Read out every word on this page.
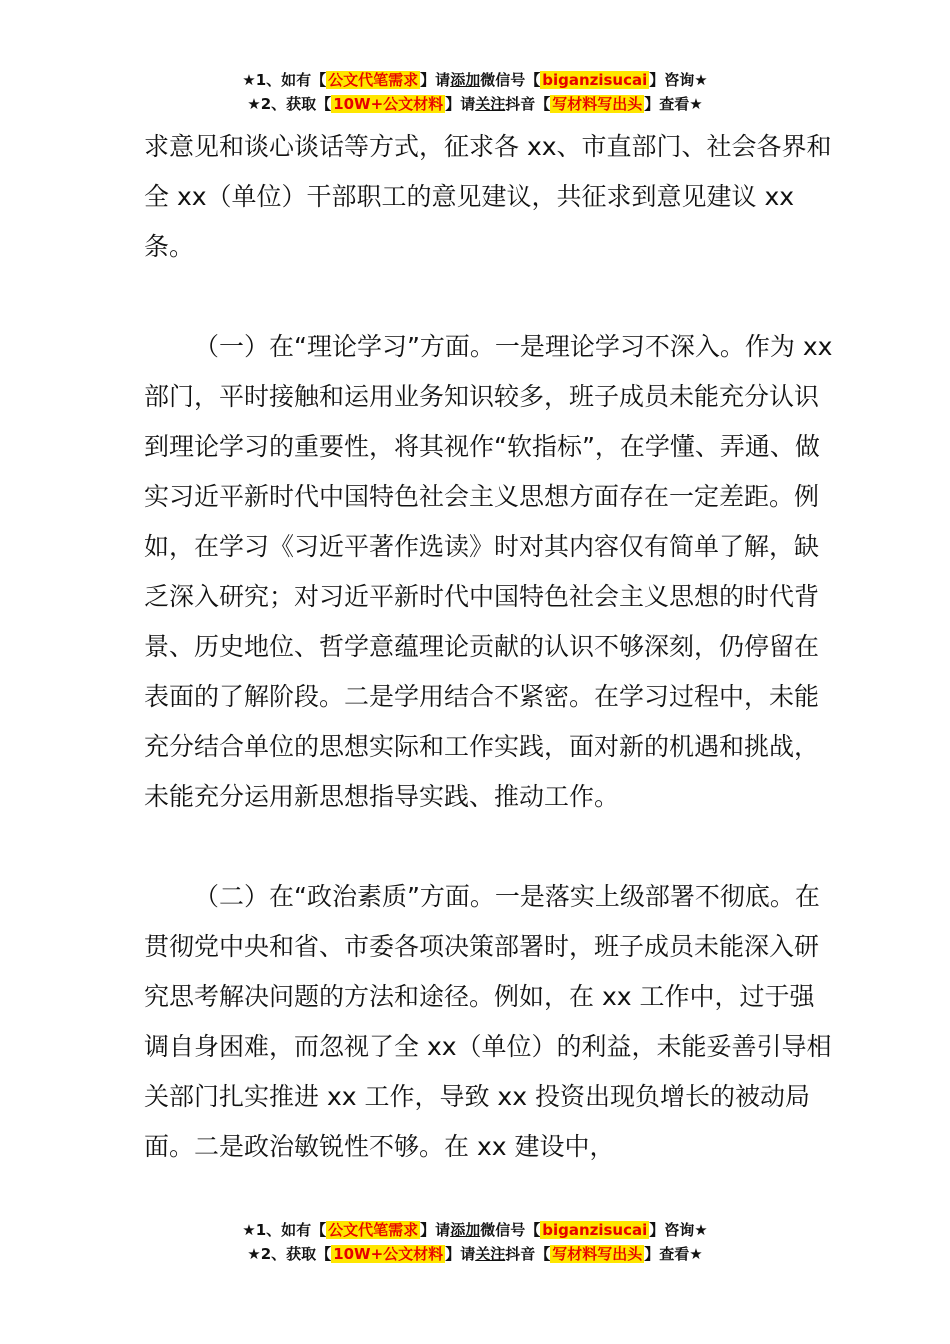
★1、如有【 公文代笔需求 】请添加微信号【 biganzisucai 】咨询★
★2、获取【 10W+公文材料 】请关注抖音【 写材料写出头 】查看★

求意见和谈心谈话等方式，征求各 xx、市直部门、社会各界和全 xx（单位）干部职工的意见建议，共征求到意见建议 xx 条。

（一）在“理论学习”方面。一是理论学习不深入。作为 xx 部门，平时接触和运用业务知识较多，班子成员未能充分认识到理论学习的重要性，将其视作“软指标”，在学懂、弄通、做实习近平新时代中国特色社会主义思想方面存在一定差距。例如，在学习《习近平著作选读》时对其内容仅有简单了解，缺乏深入研究；对习近平新时代中国特色社会主义思想的时代背景、历史地位、哲学意蕴理论贡献的认识不够深刻，仍停留在表面的了解阶段。二是学用结合不紧密。在学习过程中，未能充分结合单位的思想实际和工作实践，面对新的机遇和挑战，未能充分运用新思想指导实践、推动工作。

（二）在“政治素质”方面。一是落实上级部署不彻底。在贯彻党中央和省、市委各项决策部署时，班子成员未能深入研究思考解决问题的方法和途径。例如，在 xx 工作中，过于强调自身困难，而忽视了全 xx（单位）的利益，未能妥善引导相关部门扎实推进 xx 工作，导致 xx 投资出现负增长的被动局面。二是政治敏锐性不够。在 xx 建设中，

★1、如有【 公文代笔需求 】请添加微信号【 biganzisucai 】咨询★
★2、获取【 10W+公文材料 】请关注抖音【 写材料写出头 】查看★
